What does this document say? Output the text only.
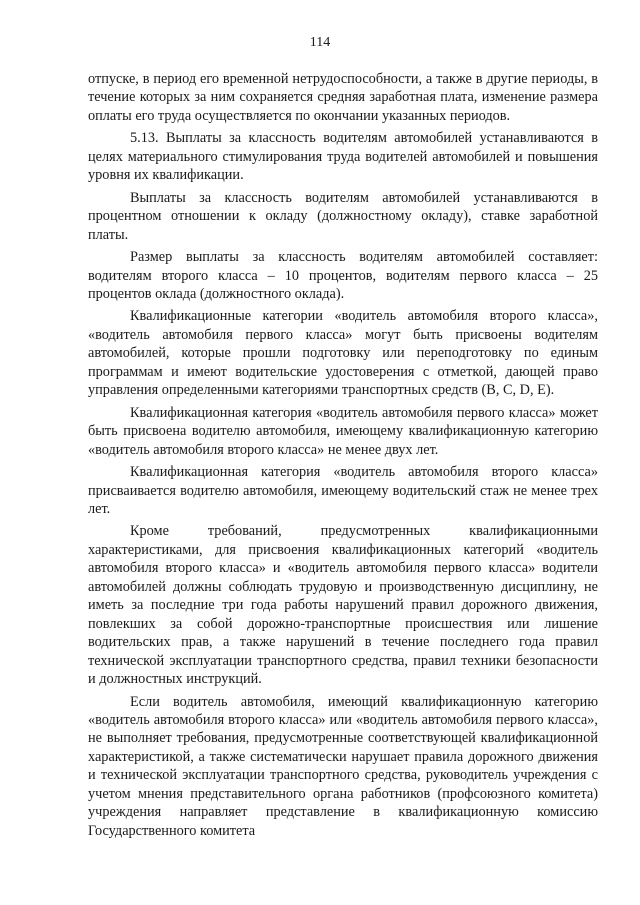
114

отпуске, в период его временной нетрудоспособности, а также в другие периоды, в течение которых за ним сохраняется средняя заработная плата, изменение размера оплаты его труда осуществляется по окончании указанных периодов.

5.13. Выплаты за классность водителям автомобилей устанавливаются в целях материального стимулирования труда водителей автомобилей и повышения уровня их квалификации.

Выплаты за классность водителям автомобилей устанавливаются в процентном отношении к окладу (должностному окладу), ставке заработной платы.

Размер выплаты за классность водителям автомобилей составляет: водителям второго класса – 10 процентов, водителям первого класса – 25 процентов оклада (должностного оклада).

Квалификационные категории «водитель автомобиля второго класса», «водитель автомобиля первого класса» могут быть присвоены водителям автомобилей, которые прошли подготовку или переподготовку по единым программам и имеют водительские удостоверения с отметкой, дающей право управления определенными категориями транспортных средств (B, C, D, E).

Квалификационная категория «водитель автомобиля первого класса» может быть присвоена водителю автомобиля, имеющему квалификационную категорию «водитель автомобиля второго класса» не менее двух лет.

Квалификационная категория «водитель автомобиля второго класса» присваивается водителю автомобиля, имеющему водительский стаж не менее трех лет.

Кроме требований, предусмотренных квалификационными характеристиками, для присвоения квалификационных категорий «водитель автомобиля второго класса» и «водитель автомобиля первого класса» водители автомобилей должны соблюдать трудовую и производственную дисциплину, не иметь за последние три года работы нарушений правил дорожного движения, повлекших за собой дорожно-транспортные происшествия или лишение водительских прав, а также нарушений в течение последнего года правил технической эксплуатации транспортного средства, правил техники безопасности и должностных инструкций.

Если водитель автомобиля, имеющий квалификационную категорию «водитель автомобиля второго класса» или «водитель автомобиля первого класса», не выполняет требования, предусмотренные соответствующей квалификационной характеристикой, а также систематически нарушает правила дорожного движения и технической эксплуатации транспортного средства, руководитель учреждения с учетом мнения представительного органа работников (профсоюзного комитета) учреждения направляет представление в квалификационную комиссию Государственного комитета
